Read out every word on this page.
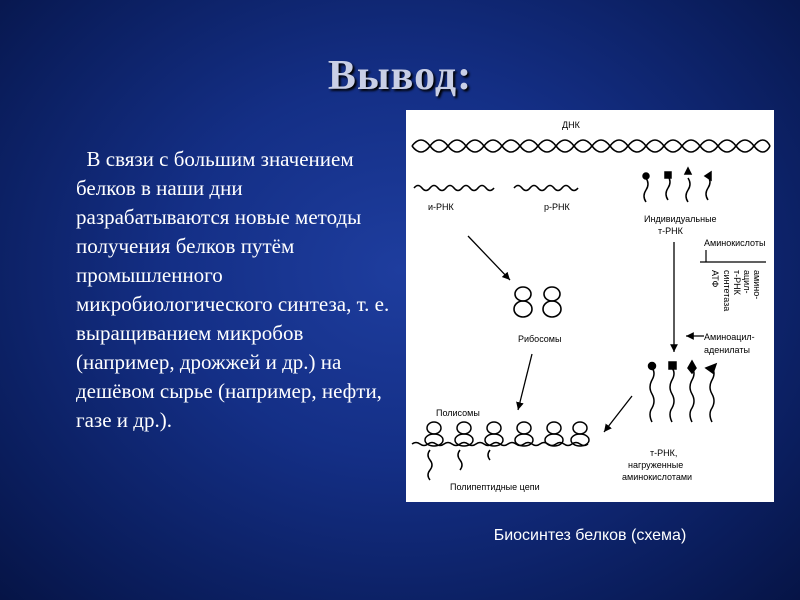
Вывод:
В связи с большим значением белков в наши дни  разрабатываются новые методы получения белков путём промышленного микробиологического синтеза, т. е. выращиванием микробов (например, дрожжей и др.) на дешёвом сырье (например, нефти, газе и др.).
ДНК
и-РНК	р-РНК
Индивидуальные
т-РНК
Аминокислоты
амино-
ацил-
т-РНК
синтетаза
АТФ
Рибосомы	Аминоацил-
аденилаты
т-РНК,
нагруженные
аминокислотами
Полисомы
Полипептидные цепи
Биосинтез белков (схема)
